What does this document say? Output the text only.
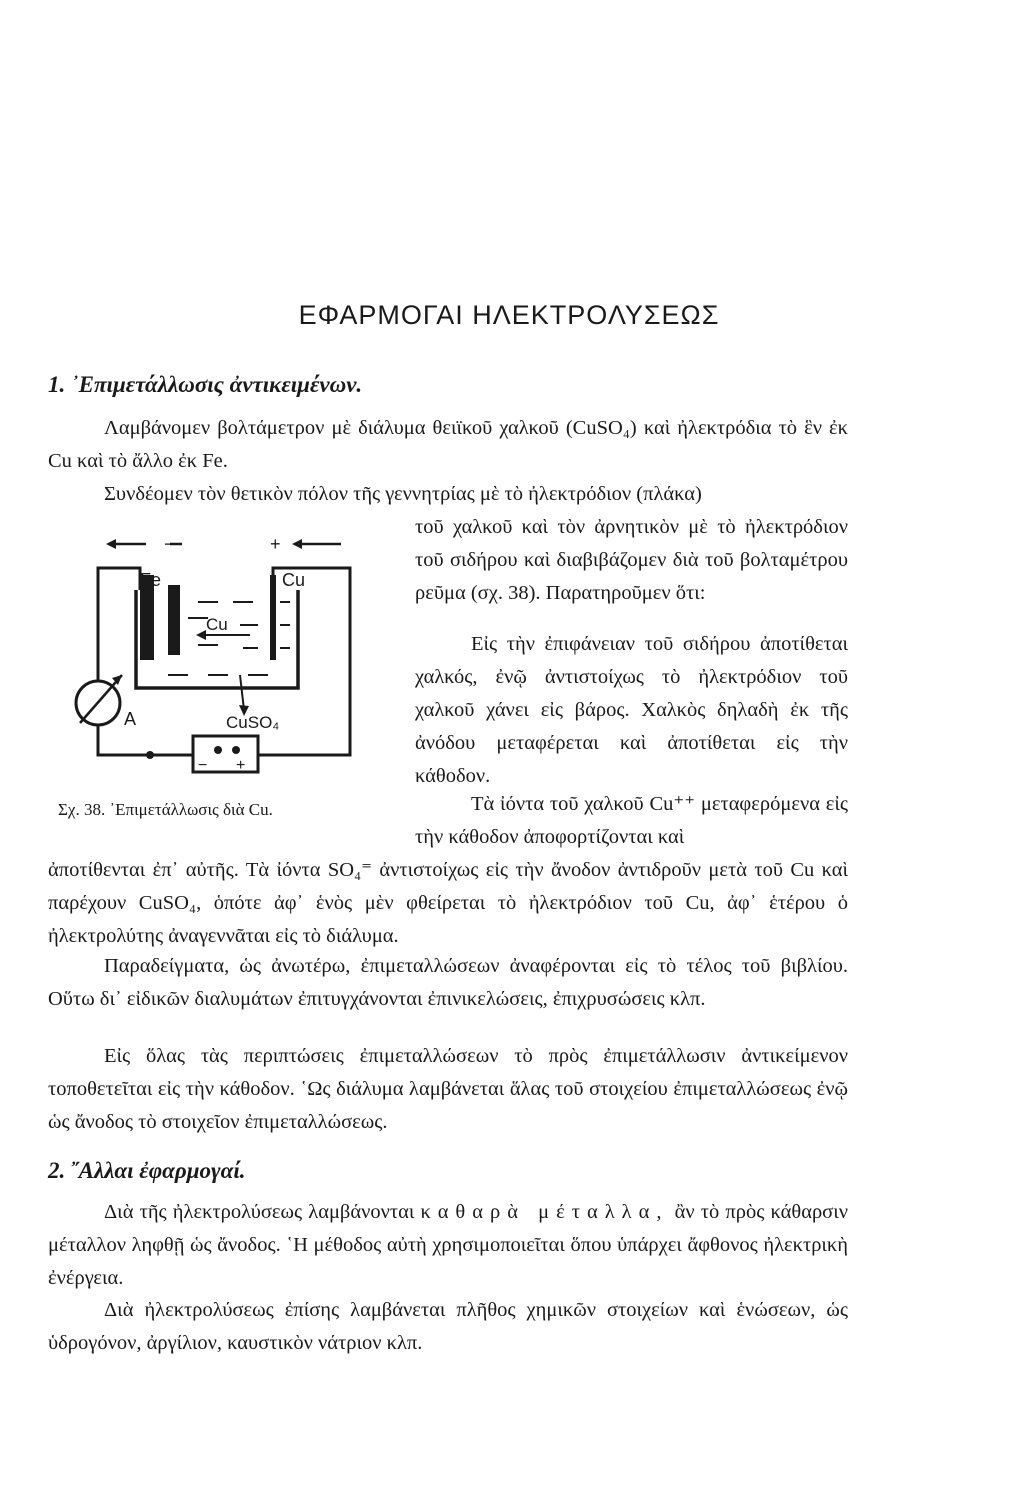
ΕΦΑΡΜΟΓΑΙ ΗΛΕΚΤΡΟΛΥΣΕΩΣ
1. ᾿Επιμετάλλωσις ἀντικειμένων.

Λαμβάνομεν βολτάμετρον μὲ διάλυμα θειϊκοῦ χαλκοῦ (CuSO₄) καὶ ἠλεκτρόδια τὸ ἓν ἐκ Cu καὶ τὸ ἄλλο ἐκ Fe.

Συνδέομεν τὸν θετικὸν πόλον τῆς γεννητρίας μὲ τὸ ἠλεκτρόδιον (πλάκα)

τοῦ χαλκοῦ καὶ τὸν ἀρνητικὸν μὲ τὸ ἠλεκτρόδιον τοῦ σιδήρου καὶ διαβιβάζομεν διὰ τοῦ βολταμέτρου ρεῦμα (σχ. 38). Παρατηροῦμεν ὅτι:

Εἰς τὴν ἐπιφάνειαν τοῦ σιδήρου ἀποτίθεται χαλκός, ἐνῷ ἀντιστοίχως τὸ ἠλεκτρόδιον τοῦ χαλκοῦ χάνει εἰς βάρος. Χαλκὸς δηλαδὴ ἐκ τῆς ἀνόδου μεταφέρεται καὶ ἀποτίθεται εἰς τὴν κάθοδον.

Τὰ ἰόντα τοῦ χαλκοῦ Cu⁺⁺ μεταφερόμενα εἰς τὴν κάθοδον ἀποφορτίζονται καὶ

ἀποτίθενται ἐπ᾿ αὐτῆς. Τὰ ἰόντα SO₄⁼ ἀντιστοίχως εἰς τὴν ἄνοδον ἀντιδροῦν μετὰ τοῦ Cu καὶ παρέχουν CuSO₄, ὁπότε ἀφ᾿ ἑνὸς μὲν φθείρεται τὸ ἠλεκτρόδιον τοῦ Cu, ἀφ᾿ ἑτέρου ὁ ἠλεκτρολύτης ἀναγεννᾶται εἰς τὸ διάλυμα.

Παραδείγματα, ὡς ἀνωτέρω, ἐπιμεταλλώσεων ἀναφέρονται εἰς τὸ τέλος τοῦ βιβλίου. Οὕτω δι᾿ εἰδικῶν διαλυμάτων ἐπιτυγχάνονται ἐπινικελώσεις, ἐπιχρυσώσεις κλπ.

Εἰς ὅλας τὰς περιπτώσεις ἐπιμεταλλώσεων τὸ πρὸς ἐπιμετάλλωσιν ἀντικείμενον τοποθετεῖται εἰς τὴν κάθοδον. ῾Ως διάλυμα λαμβάνεται ἅλας τοῦ στοιχείου ἐπιμεταλλώσεως ἐνῷ ὡς ἄνοδος τὸ στοιχεῖον ἐπιμεταλλώσεως.

Fe	Cu
Cu
CuSO₄
A
− +
−	+
Σχ. 38. ᾿Επιμετάλλωσις διὰ Cu.
2. ῎Αλλαι ἐφαρμογαί.

Διὰ τῆς ἠλεκτρολύσεως λαμβάνονται καθαρὰ μέταλλα, ἂν τὸ πρὸς κάθαρσιν μέταλλον ληφθῇ ὡς ἄνοδος. ῾Η μέθοδος αὐτὴ χρησιμοποιεῖται ὅπου ὑπάρχει ἄφθονος ἠλεκτρικὴ ἐνέργεια.

Διὰ ἠλεκτρολύσεως ἐπίσης λαμβάνεται πλῆθος χημικῶν στοιχείων καὶ ἑνώσεων, ὡς ὑδρογόνον, ἀργίλιον, καυστικὸν νάτριον κλπ.
